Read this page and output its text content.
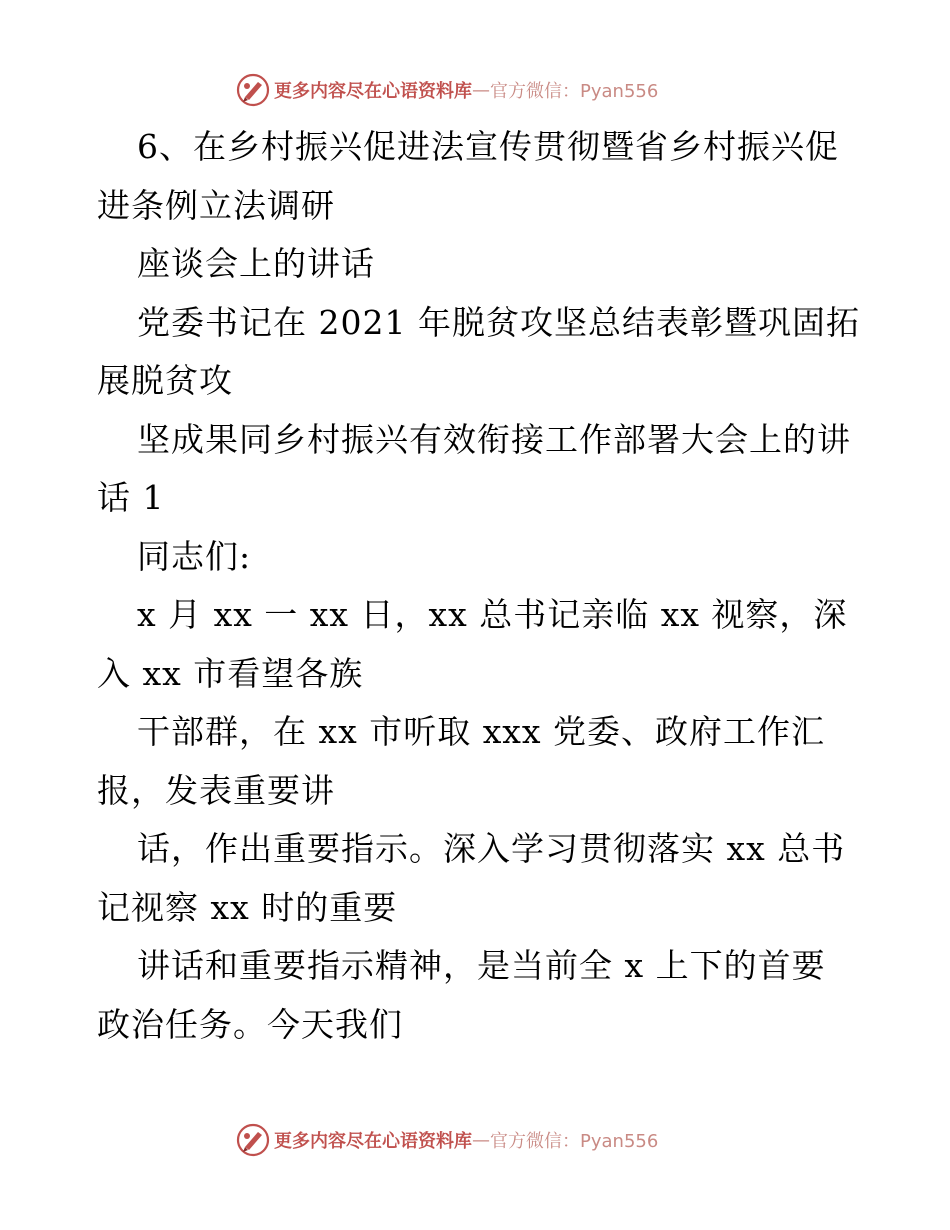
更多内容尽在心语资料库 — 官方微信：Pyan556
6、在乡村振兴促进法宣传贯彻暨省乡村振兴促
进条例立法调研
座谈会上的讲话
党委书记在 2021 年脱贫攻坚总结表彰暨巩固拓
展脱贫攻
坚成果同乡村振兴有效衔接工作部署大会上的讲
话 1
同志们:
x 月 xx 一 xx 日，xx 总书记亲临 xx 视察，深
入 xx 市看望各族
干部群，在 xx 市听取 xxx 党委、政府工作汇
报，发表重要讲
话，作出重要指示。深入学习贯彻落实 xx 总书
记视察 xx 时的重要
讲话和重要指示精神，是当前全 x 上下的首要
政治任务。今天我们
更多内容尽在心语资料库 — 官方微信：Pyan556
